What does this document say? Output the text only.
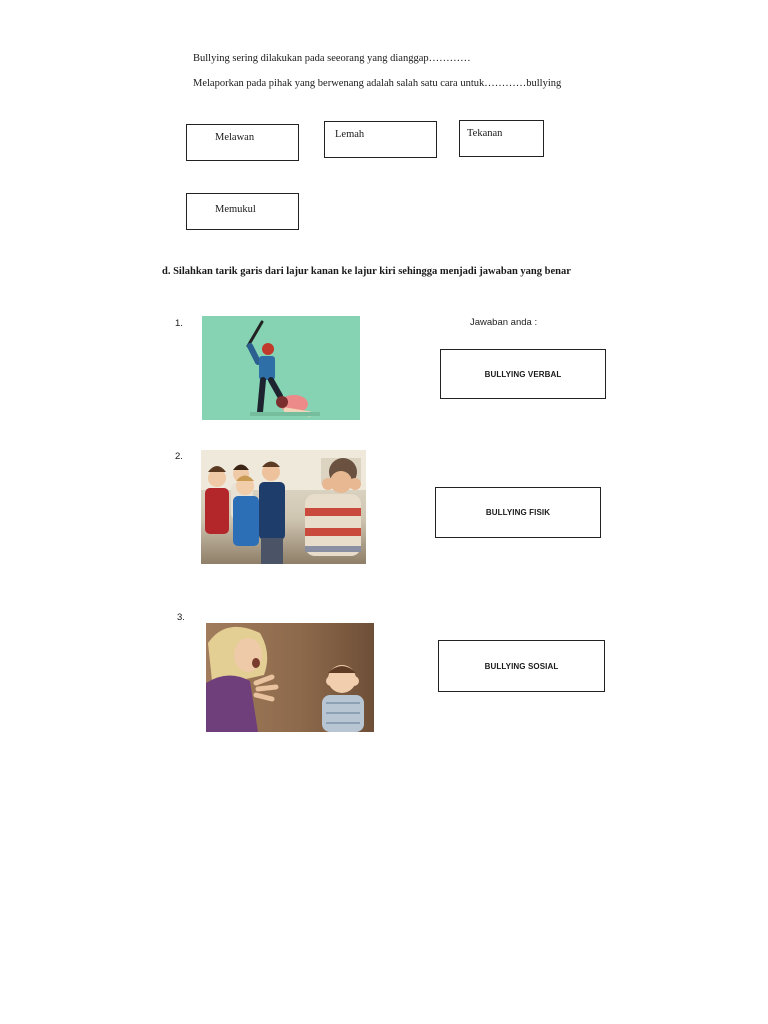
Bullying sering dilakukan pada seeorang yang dianggap…………
Melaporkan pada pihak yang berwenang adalah salah satu cara untuk…………bullying
Melawan	Lemah	Tekanan
Memukul
d. Silahkan tarik garis dari lajur kanan ke lajur kiri sehingga menjadi jawaban yang benar
1.
2.
3.
Jawaban anda :
BULLYING VERBAL
BULLYING FISIK
BULLYING SOSIAL
